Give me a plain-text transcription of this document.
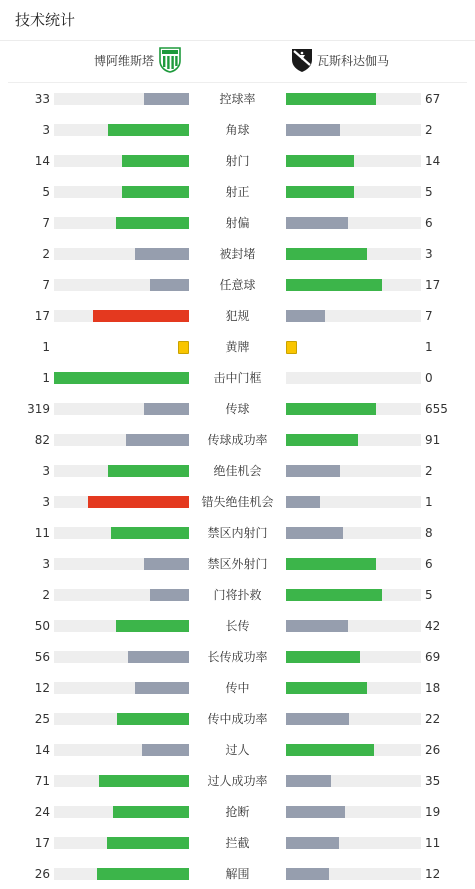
技术统计
博阿维斯塔	瓦斯科达伽马
33	控球率	67
3	角球	2
14	射门	14
5	射正	5
7	射偏	6
2	被封堵	3
7	任意球	17
17	犯规	7
1	黄牌	1
1	击中门框	0
319	传球	655
82	传球成功率	91
3	绝佳机会	2
3	错失绝佳机会	1
11	禁区内射门	8
3	禁区外射门	6
2	门将扑救	5
50	长传	42
56	长传成功率	69
12	传中	18
25	传中成功率	22
14	过人	26
71	过人成功率	35
24	抢断	19
17	拦截	11
26	解围	12
